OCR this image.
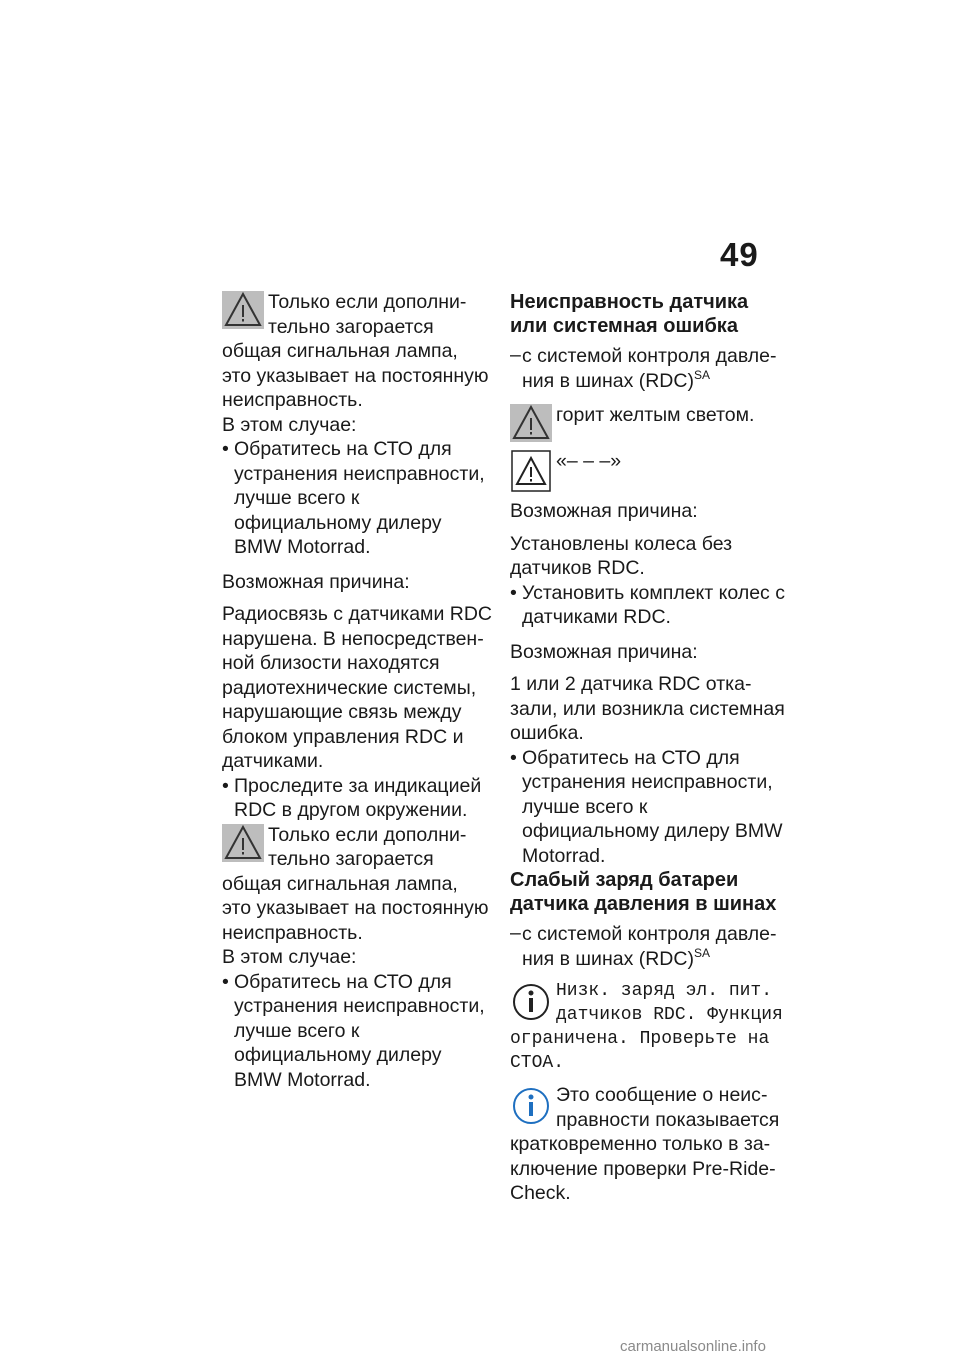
49

Только если дополнительно загорается общая сигнальная лампа, это указывает на постоянную неисправность.

В этом случае:

• Обратитесь на СТО для устранения неисправности, лучше всего к официальному дилеру BMW Motorrad.

Возможная причина:

Радиосвязь с датчиками RDC нарушена. В непосредственной близости находятся радиотехнические системы, нарушающие связь между блоком управления RDC и датчиками.

• Проследите за индикацией RDC в другом окружении.

Только если дополнительно загорается общая сигнальная лампа, это указывает на постоянную неисправность.

В этом случае:

• Обратитесь на СТО для устранения неисправности, лучше всего к официальному дилеру BMW Motorrad.

Неисправность датчика или системная ошибка

– с системой контроля давления в шинах (RDC)$^{SA}$

горит желтым светом.

«– – –»

Возможная причина:

Установлены колеса без датчиков RDC.

• Установить комплект колес с датчиками RDC.

Возможная причина:

1 или 2 датчика RDC отказали, или возникла системная ошибка.

• Обратитесь на СТО для устранения неисправности, лучше всего к официальному дилеру BMW Motorrad.

Слабый заряд батареи датчика давления в шинах

– с системой контроля давления в шинах (RDC)$^{SA}$

Низк. заряд эл. пит. датчиков RDC. Функция ограничена. Проверьте на СТОА.

Это сообщение о неисправности показывается кратковременно только в заключение проверки Pre-Ride-Check.

carmanualsonline.info
